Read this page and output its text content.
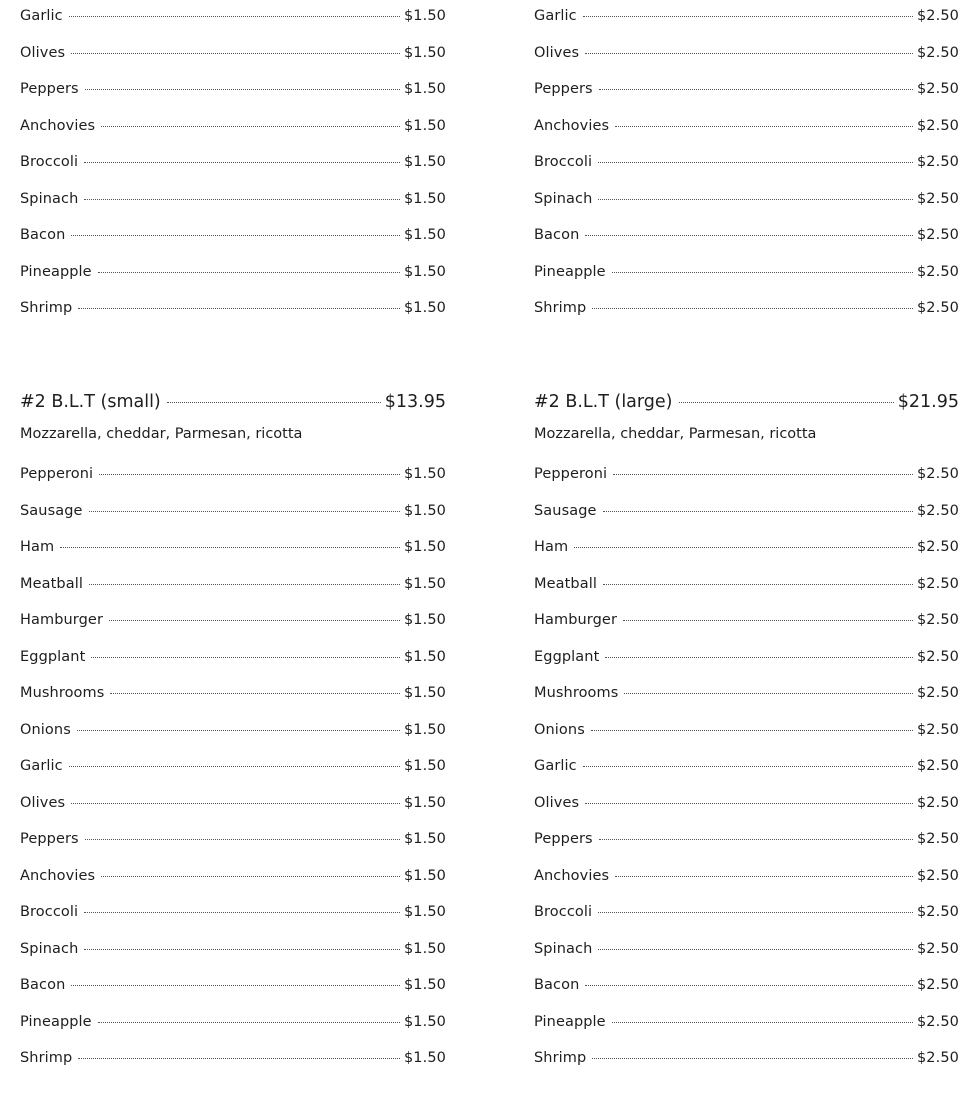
Garlic	$1.50
Olives	$1.50
Peppers	$1.50
Anchovies	$1.50
Broccoli	$1.50
Spinach	$1.50
Bacon	$1.50
Pineapple	$1.50
Shrimp	$1.50
Garlic	$2.50
Olives	$2.50
Peppers	$2.50
Anchovies	$2.50
Broccoli	$2.50
Spinach	$2.50
Bacon	$2.50
Pineapple	$2.50
Shrimp	$2.50
#2 B.L.T (small)	$13.95
Mozzarella, cheddar, Parmesan, ricotta
Pepperoni	$1.50
Sausage	$1.50
Ham	$1.50
Meatball	$1.50
Hamburger	$1.50
Eggplant	$1.50
Mushrooms	$1.50
Onions	$1.50
Garlic	$1.50
Olives	$1.50
Peppers	$1.50
Anchovies	$1.50
Broccoli	$1.50
Spinach	$1.50
Bacon	$1.50
Pineapple	$1.50
Shrimp	$1.50
#2 B.L.T (large)	$21.95
Mozzarella, cheddar, Parmesan, ricotta
Pepperoni	$2.50
Sausage	$2.50
Ham	$2.50
Meatball	$2.50
Hamburger	$2.50
Eggplant	$2.50
Mushrooms	$2.50
Onions	$2.50
Garlic	$2.50
Olives	$2.50
Peppers	$2.50
Anchovies	$2.50
Broccoli	$2.50
Spinach	$2.50
Bacon	$2.50
Pineapple	$2.50
Shrimp	$2.50
